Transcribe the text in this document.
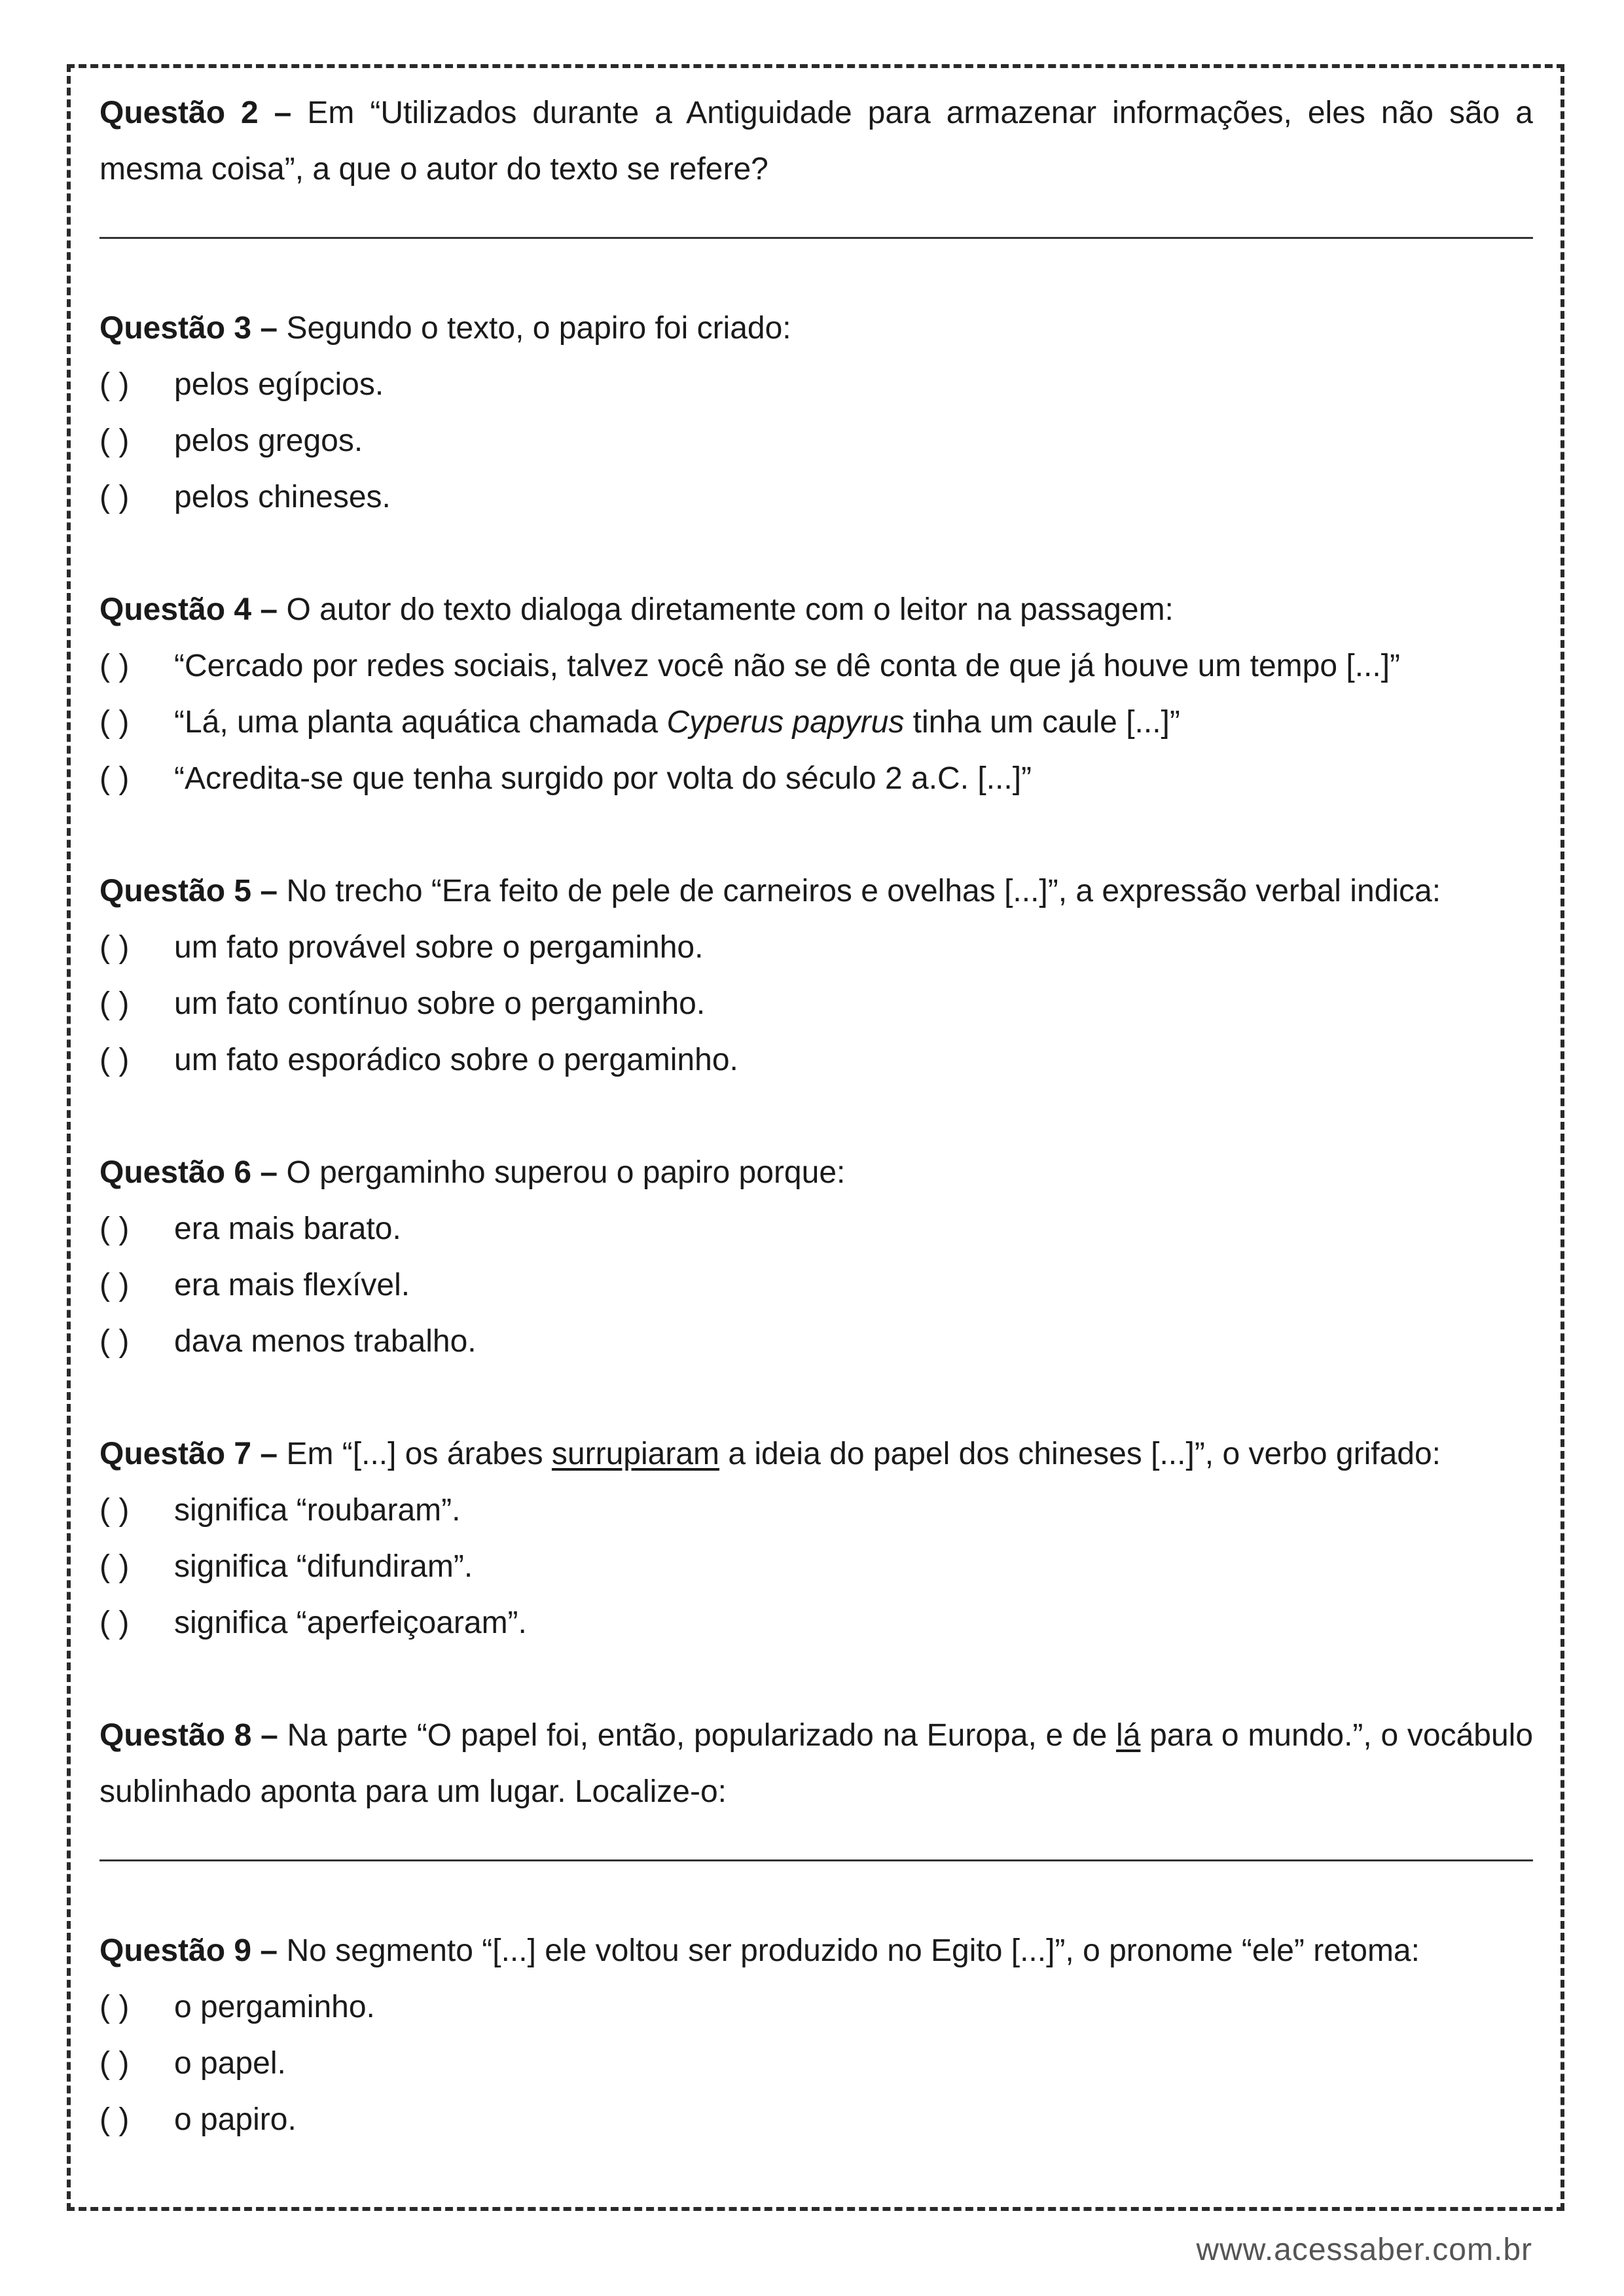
Questão 2 – Em “Utilizados durante a Antiguidade para armazenar informações, eles não são a mesma coisa”, a que o autor do texto se refere?

Questão 3 – Segundo o texto, o papiro foi criado:

( )	pelos egípcios.
( )	pelos gregos.
( )	pelos chineses.

Questão 4 – O autor do texto dialoga diretamente com o leitor na passagem:

( )	“Cercado por redes sociais, talvez você não se dê conta de que já houve um tempo [...]”
( )	“Lá, uma planta aquática chamada Cyperus papyrus tinha um caule [...]”
( )	“Acredita-se que tenha surgido por volta do século 2 a.C. [...]”

Questão 5 – No trecho “Era feito de pele de carneiros e ovelhas [...]”, a expressão verbal indica:

( )	um fato provável sobre o pergaminho.
( )	um fato contínuo sobre o pergaminho.
( )	um fato esporádico sobre o pergaminho.

Questão 6 – O pergaminho superou o papiro porque:

( )	era mais barato.
( )	era mais flexível.
( )	dava menos trabalho.

Questão 7 – Em “[...] os árabes surrupiaram a ideia do papel dos chineses [...]”, o verbo grifado:

( )	significa “roubaram”.
( )	significa “difundiram”.
( )	significa “aperfeiçoaram”.

Questão 8 – Na parte “O papel foi, então, popularizado na Europa, e de lá para o mundo.”, o vocábulo sublinhado aponta para um lugar. Localize-o:

Questão 9 – No segmento “[...] ele voltou ser produzido no Egito [...]”, o pronome “ele” retoma:

( )	o pergaminho.
( )	o papel.
( )	o papiro.
www.acessaber.com.br
